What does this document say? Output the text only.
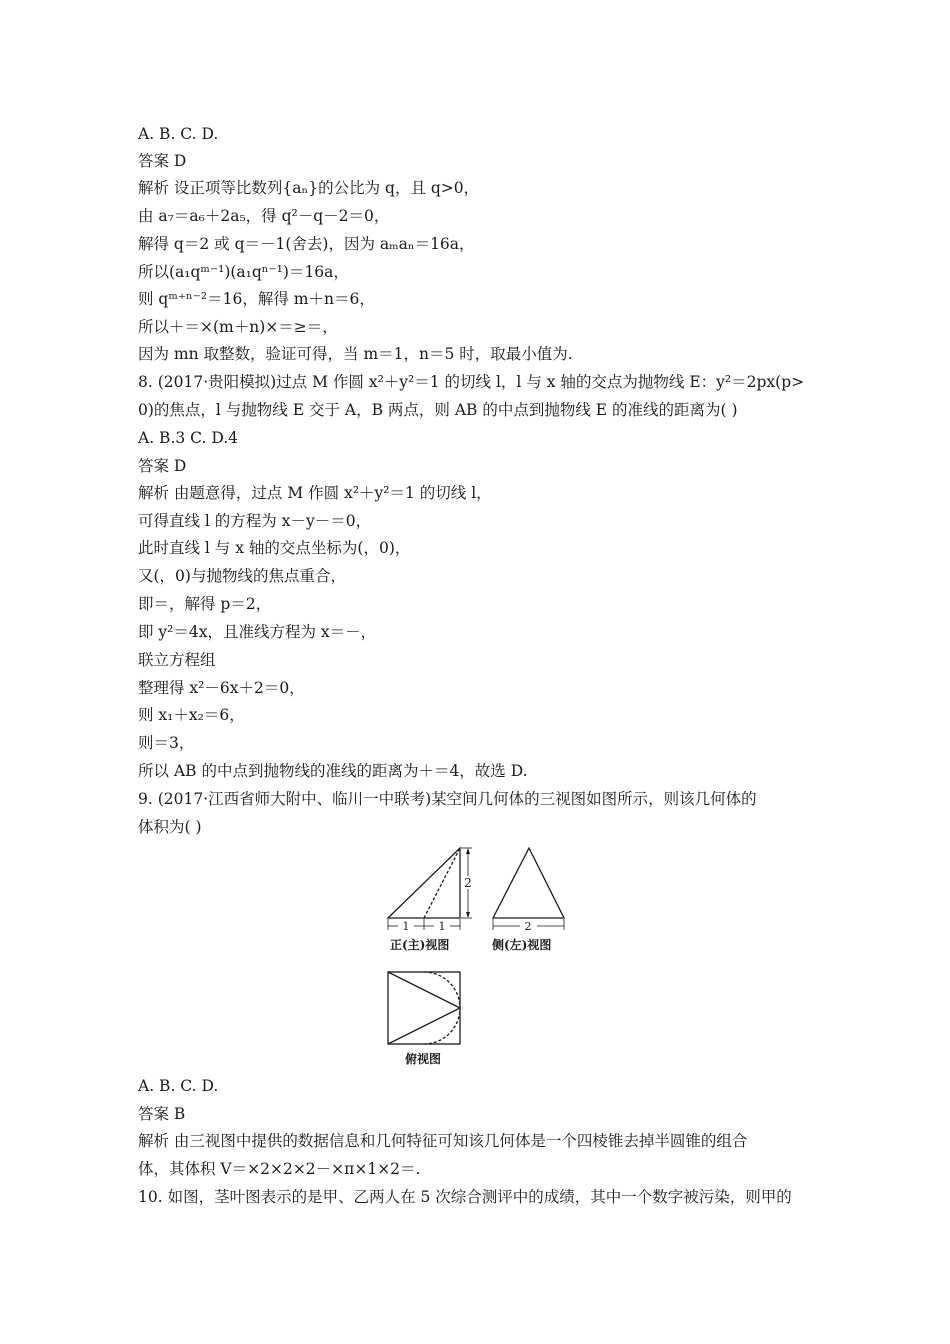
A. B. C. D.
答案 D
解析 设正项等比数列{aₙ}的公比为 q，且 q>0，
由 a₇＝a₆＋2a₅，得 q²－q－2＝0，
解得 q＝2 或 q＝－1(舍去)，因为 aₘaₙ＝16a，
所以(a₁qᵐ⁻¹)(a₁qⁿ⁻¹)＝16a，
则 qᵐ⁺ⁿ⁻²＝16，解得 m＋n＝6，
所以＋＝×(m＋n)×＝≥＝，
因为 mn 取整数，验证可得，当 m＝1，n＝5 时，取最小值为.
8. (2017·贵阳模拟)过点 M 作圆 x²＋y²＝1 的切线 l，l 与 x 轴的交点为抛物线 E：y²＝2px(p>
0)的焦点，l 与抛物线 E 交于 A，B 两点，则 AB 的中点到抛物线 E 的准线的距离为( )
A. B.3 C. D.4
答案 D
解析 由题意得，过点 M 作圆 x²＋y²＝1 的切线 l，
可得直线 l 的方程为 x－y－＝0，
此时直线 l 与 x 轴的交点坐标为(，0)，
又(，0)与抛物线的焦点重合，
即＝，解得 p＝2，
即 y²＝4x，且准线方程为 x＝－，
联立方程组
整理得 x²－6x＋2＝0，
则 x₁＋x₂＝6，
则＝3，
所以 AB 的中点到抛物线的准线的距离为＋＝4，故选 D.
9. (2017·江西省师大附中、临川一中联考)某空间几何体的三视图如图所示，则该几何体的
体积为( )
2
1	1	2
正(主)视图	侧(左)视图
俯视图
A. B. C. D.
答案 B
解析 由三视图中提供的数据信息和几何特征可知该几何体是一个四棱锥去掉半圆锥的组合
体，其体积 V＝×2×2×2－×π×1×2＝.
10. 如图，茎叶图表示的是甲、乙两人在 5 次综合测评中的成绩，其中一个数字被污染，则甲的
